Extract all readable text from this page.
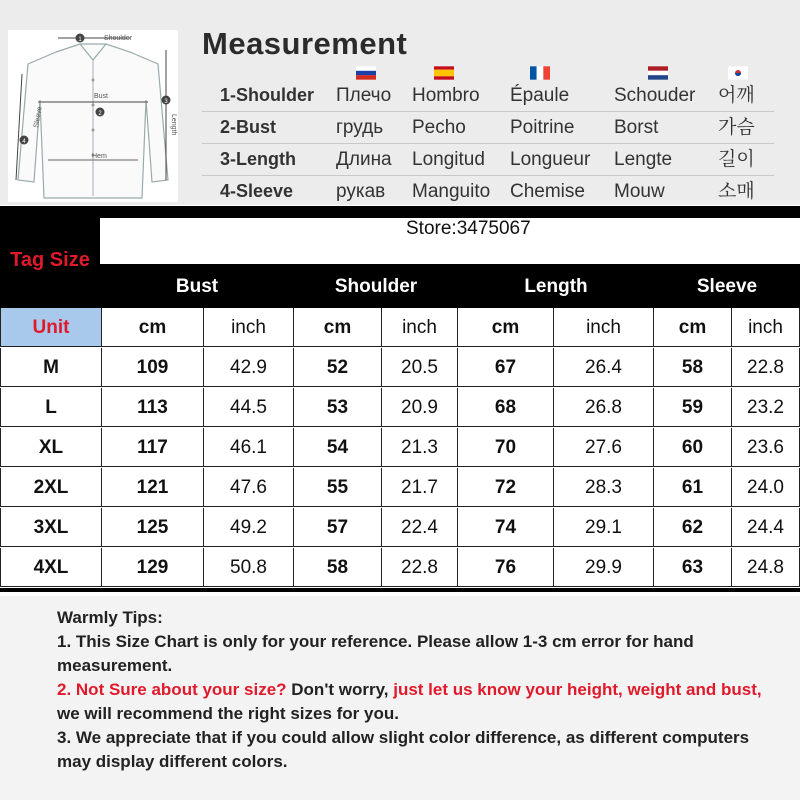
1
2
3
4
Shoulder
Bust
Hem
Length
Sleeve
Measurement
1-Shoulder Плечо Hombro Épaule Schouder 어깨
2-Bust	грудь Pecho Poitrine Borst	가슴
3-Length Длина Longitud Longueur Lengte 길이
4-Sleeve рукав Manguito Chemise Mouw	소매
Store:3475067
Tag Size
Bust	Shoulder	Length	Sleeve
Unit	cm	inch	cm	inch	cm	inch	cm	inch
M	109	42.9	52	20.5	67	26.4	58	22.8
L	113	44.5	53	20.9	68	26.8	59	23.2
XL	117	46.1	54	21.3	70	27.6	60	23.6
2XL	121	47.6	55	21.7	72	28.3	61	24.0
3XL	125	49.2	57	22.4	74	29.1	62	24.4
4XL	129	50.8	58	22.8	76	29.9	63	24.8
Warmly Tips:
1. This Size Chart is only for your reference. Please allow 1-3 cm error for hand measurement.
2. Not Sure about your size? Don't worry, just let us know your height, weight and bust, we will recommend the right sizes for you.
3. We appreciate that if you could allow slight color difference, as different computers may display different colors.
